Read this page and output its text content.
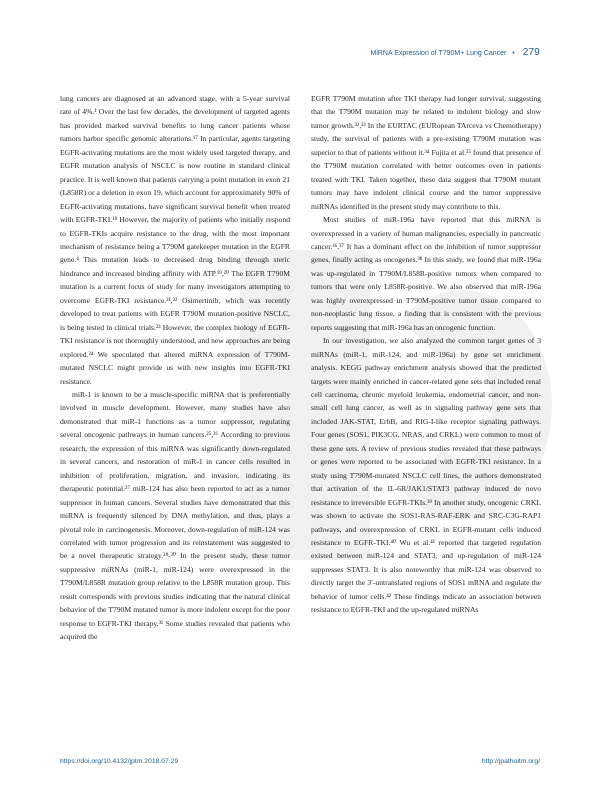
MiRNA Expression of T790M+ Lung Cancer • 279

lung cancers are diagnosed at an advanced stage, with a 5-year survival rate of 4%.¹ Over the last few decades, the development of targeted agents has provided marked survival benefits to lung cancer patients whose tumors harbor specific genomic alterations.¹⁷ In particular, agents targeting EGFR-activating mutations are the most widely used targeted therapy, and EGFR mutation analysis of NSCLC is now routine in standard clinical practice. It is well known that patients carrying a point mutation in exon 21 (L858R) or a deletion in exon 19, which account for approximately 90% of EGFR-activating mutations, have significant survival benefit when treated with EGFR-TKI.¹⁸ However, the majority of patients who initially respond to EGFR-TKIs acquire resistance to the drug, with the most important mechanism of resistance being a T790M gatekeeper mutation in the EGFR gene.⁴ This mutation leads to decreased drug binding through steric hindrance and increased binding affinity with ATP.¹⁹,²⁰ The EGFR T790M mutation is a current focus of study for many investigators attempting to overcome EGFR-TKI resistance.²¹,²² Osimertinib, which was recently developed to treat patients with EGFR T790M mutation-positive NSCLC, is being tested in clinical trials.²³ However, the complex biology of EGFR-TKI resistance is not thoroughly understood, and new approaches are being explored.²⁴ We speculated that altered miRNA expression of T790M-mutated NSCLC might provide us with new insights into EGFR-TKI resistance.

miR-1 is known to be a muscle-specific miRNA that is preferentially involved in muscle development. However, many studies have also demonstrated that miR-1 functions as a tumor suppressor, regulating several oncogenic pathways in human cancers.²⁵,²⁶ According to previous research, the expression of this miRNA was significantly down-regulated in several cancers, and restoration of miR-1 in cancer cells resulted in inhibition of proliferation, migration, and invasion, indicating its therapeutic potential.²⁷ miR-124 has also been reported to act as a tumor suppressor in human cancers. Several studies have demonstrated that this miRNA is frequently silenced by DNA methylation, and thus, plays a pivotal role in carcinogenesis. Moreover, down-regulation of miR-124 was correlated with tumor progression and its reinstatement was suggested to be a novel therapeutic strategy.²⁸-³⁰ In the present study, these tumor suppressive miRNAs (miR-1, miR-124) were overexpressed in the T790M/L858R mutation group relative to the L858R mutation group. This result corresponds with previous studies indicating that the natural clinical behavior of the T790M mutated tumor is more indolent except for the poor response to EGFR-TKI therapy.³¹ Some studies revealed that patients who acquired the

EGFR T790M mutation after TKI therapy had longer survival, suggesting that the T790M mutation may be related to indolent biology and slow tumor growth.³²,³³ In the EURTAC (EURopean TArceva vs Chemotherapy) study, the survival of patients with a pre-existing T790M mutation was superior to that of patients without it.³⁴ Fujita et al.³⁵ found that presence of the T790M mutation correlated with better outcomes even in patients treated with TKI. Taken together, these data suggest that T790M mutant tumors may have indolent clinical course and the tumor suppressive miRNAs identified in the present study may contribute to this.

Most studies of miR-196a have reported that this miRNA is overexpressed in a variety of human malignancies, especially in pancreatic cancer.³⁶,³⁷ It has a dominant effect on the inhibition of tumor suppressor genes, finally acting as oncogenes.³⁸ In this study, we found that miR-196a was up-regulated in T790M/L858R-positive tumors when compared to tumors that were only L858R-positive. We also observed that miR-196a was highly overexpressed in T790M-positive tumor tissue compared to non-neoplastic lung tissue, a finding that is consistent with the previous reports suggesting that miR-196a has an oncogenic function.

In our investigation, we also analyzed the common target genes of 3 miRNAs (miR-1, miR-124, and miR-196a) by gene set enrichment analysis. KEGG pathway enrichment analysis showed that the predicted targets were mainly enriched in cancer-related gene sets that included renal cell carcinoma, chronic myeloid leukemia, endometrial cancer, and non-small cell lung cancer, as well as in signaling pathway gene sets that included JAK-STAT, ErbB, and RIG-I-like receptor signaling pathways. Four genes (SOS1, PIK3CG, NRAS, and CRKL) were common to most of these gene sets. A review of previous studies revealed that these pathways or genes were reported to be associated with EGFR-TKI resistance. In a study using T790M-mutated NSCLC cell lines, the authors demonstrated that activation of the IL-6R/JAK1/STAT3 pathway induced de novo resistance to irreversible EGFR-TKIs.³⁹ In another study, oncogenic CRKL was shown to activate the SOS1-RAS-RAF-ERK and SRC-C3G-RAP1 pathways, and overexpression of CRKL in EGFR-mutant cells induced resistance to EGFR-TKI.⁴⁰ Wu et al.⁴¹ reported that targeted regulation existed between miR-124 and STAT3, and up-regulation of miR-124 suppresses STAT3. It is also noteworthy that miR-124 was observed to directly target the 3′-untranslated regions of SOS1 mRNA and regulate the behavior of tumor cells.⁴² These findings indicate an association between resistance to EGFR-TKI and the up-regulated miRNAs

https://doi.org/10.4132/jptm.2018.07.29	http://jpatholtm.org/
